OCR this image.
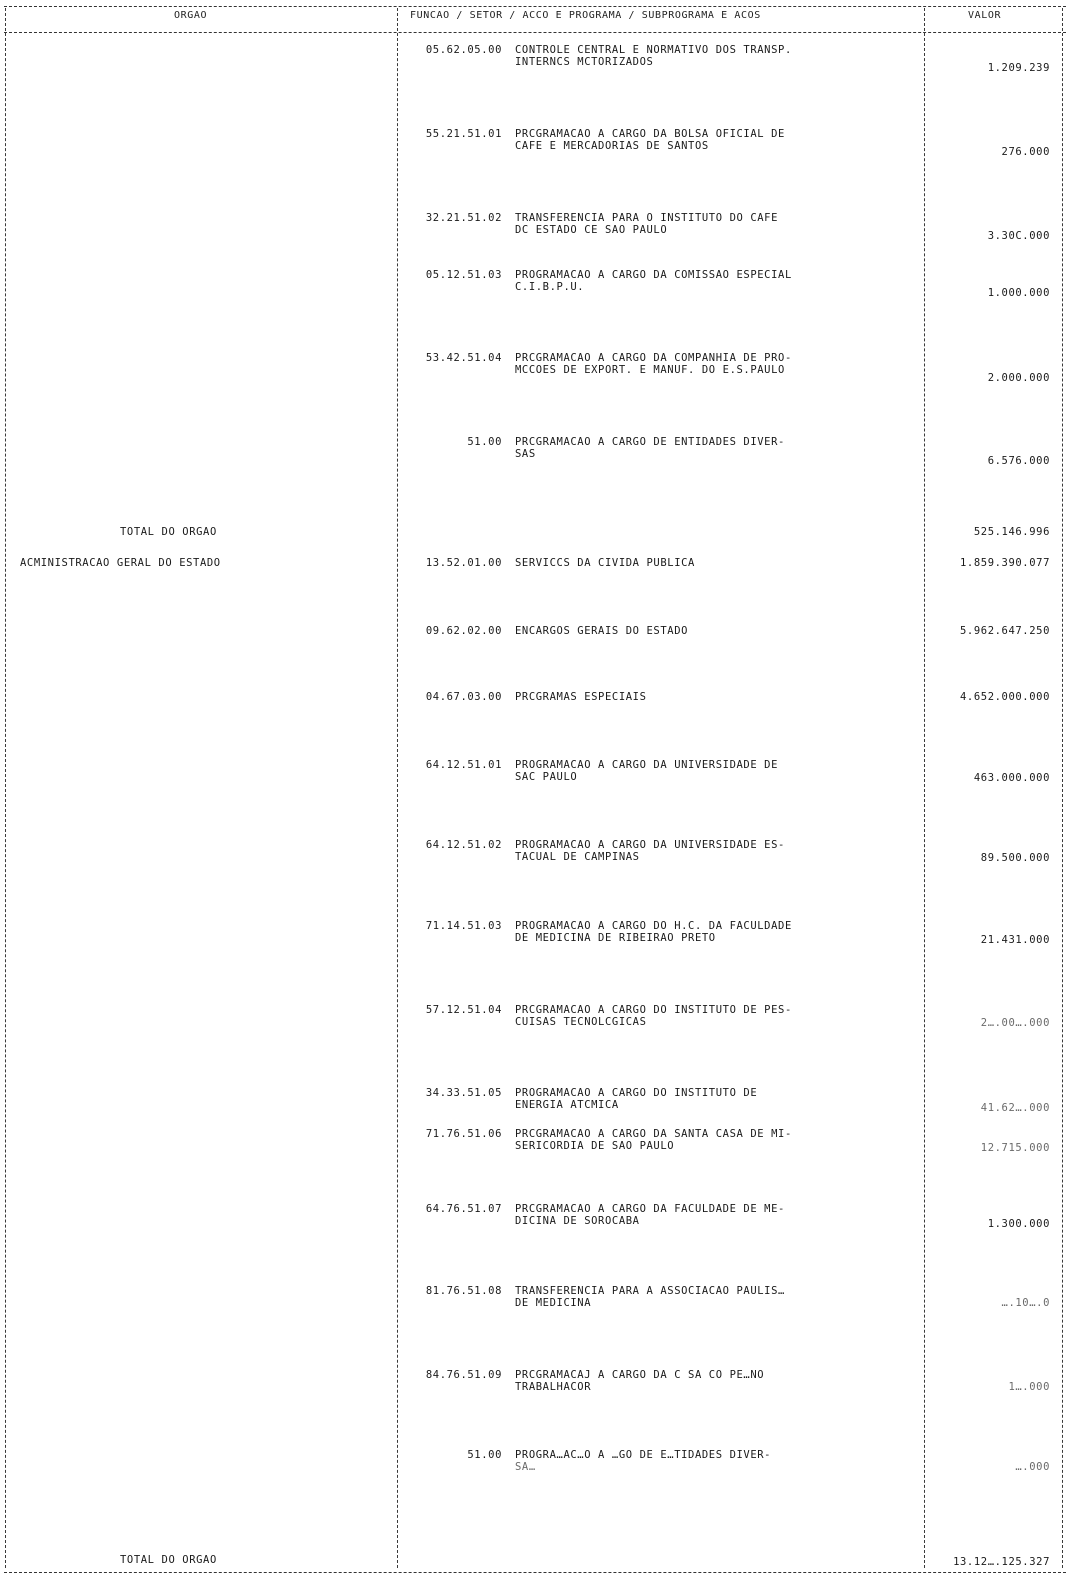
ORGAO	FUNCAO / SETOR / ACCO E PROGRAMA / SUBPROGRAMA E ACOS	VALOR
05.62.05.00 CONTROLE CENTRAL E NORMATIVO DOS TRANSP.
INTERNCS MCTORIZADOS	1.209.239
55.21.51.01 PRCGRAMACAO A CARGO DA BOLSA OFICIAL DE
CAFE E MERCADORIAS DE SANTOS	276.000
32.21.51.02 TRANSFERENCIA PARA O INSTITUTO DO CAFE
DC ESTADO CE SAO PAULO	3.30C.000
05.12.51.03 PROGRAMACAO A CARGO DA COMISSAO ESPECIAL
C.I.B.P.U.	1.000.000
53.42.51.04 PRCGRAMACAO A CARGO DA COMPANHIA DE PRO-
MCCOES DE EXPORT. E MANUF. DO E.S.PAULO
2.000.000
51.00 PRCGRAMACAO A CARGO DE ENTIDADES DIVER-
SAS
6.576.000
TOTAL DO ORGAO	525.146.996
ACMINISTRACAO GERAL DO ESTADO	13.52.01.00 SERVICCS DA CIVIDA PUBLICA	1.859.390.077
09.62.02.00 ENCARGOS GERAIS DO ESTADO	5.962.647.250
04.67.03.00 PRCGRAMAS ESPECIAIS	4.652.000.000
64.12.51.01 PROGRAMACAO A CARGO DA UNIVERSIDADE DE
SAC PAULO	463.000.000
64.12.51.02 PROGRAMACAO A CARGO DA UNIVERSIDADE ES-
TACUAL DE CAMPINAS	89.500.000
71.14.51.03 PROGRAMACAO A CARGO DO H.C. DA FACULDADE
DE MEDICINA DE RIBEIRAO PRETO	21.431.000
57.12.51.04 PRCGRAMACAO A CARGO DO INSTITUTO DE PES-
CUISAS TECNOLCGICAS	2….00….000
34.33.51.05 PROGRAMACAO A CARGO DO INSTITUTO DE
ENERGIA ATCMICA	41.62….000
71.76.51.06 PRCGRAMACAO A CARGO DA SANTA CASA DE MI-
SERICORDIA DE SAO PAULO	12.715.000
64.76.51.07 PRCGRAMACAO A CARGO DA FACULDADE DE ME-
DICINA DE SOROCABA	1.300.000
81.76.51.08 TRANSFERENCIA PARA A ASSOCIACAO PAULIS…
DE MEDICINA	….10….0
84.76.51.09 PRCGRAMACAJ A CARGO DA C SA CO PE…NO
TRABALHACOR	1….000
51.00 PROGRA…AC…O A …GO DE E…TIDADES DIVER-
SA…	….000
TOTAL DO ORGAO	13.12….125.327
